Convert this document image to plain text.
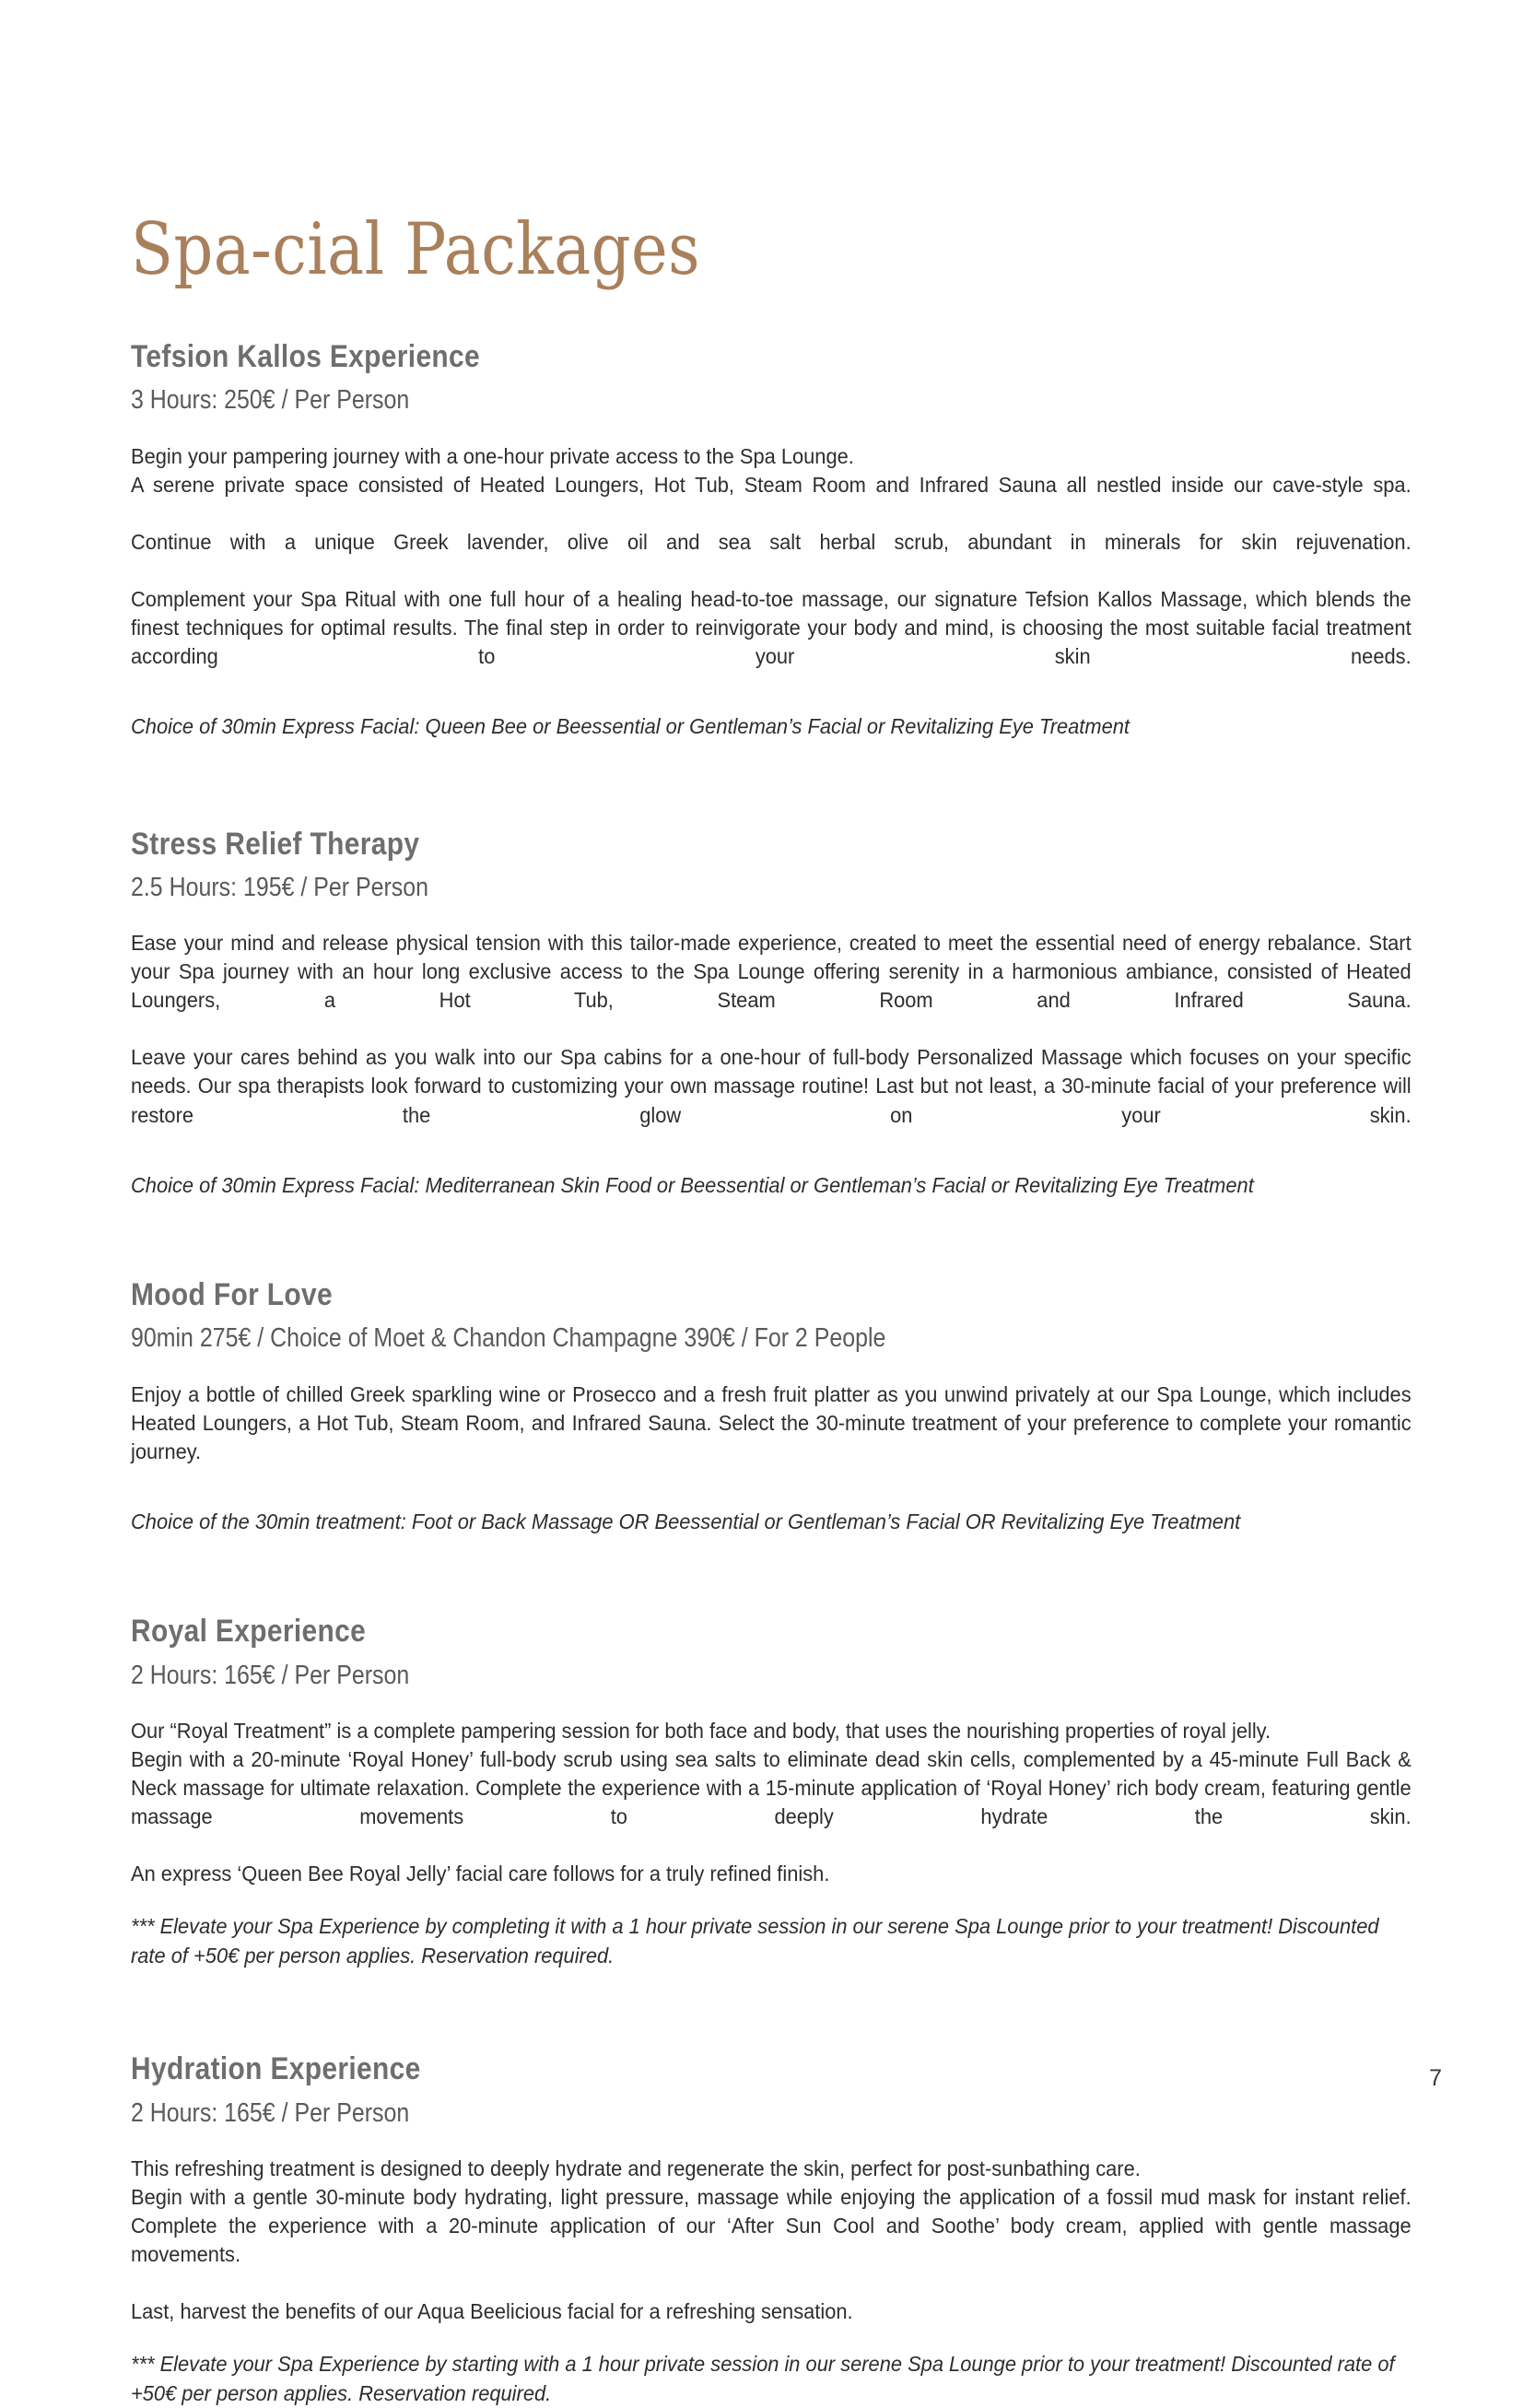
Spa-cial Packages
Tefsion Kallos Experience
3 Hours: 250€ / Per Person

Begin your pampering journey with a one-hour private access to the Spa Lounge.

A serene private space consisted of Heated Loungers, Hot Tub, Steam Room and Infrared Sauna all nestled inside our cave-style spa.

Continue with a unique Greek lavender, olive oil and sea salt herbal scrub, abundant in minerals for skin rejuvenation.

Complement your Spa Ritual with one full hour of a healing head-to-toe massage, our signature Tefsion Kallos Massage, which blends the finest techniques for optimal results. The final step in order to reinvigorate your body and mind, is choosing the most suitable facial treatment according to your skin needs.

Choice of 30min Express Facial: Queen Bee or Beessential or Gentleman’s Facial or Revitalizing Eye Treatment

Stress Relief Therapy
2.5 Hours: 195€ / Per Person

Ease your mind and release physical tension with this tailor-made experience, created to meet the essential need of energy rebalance. Start your Spa journey with an hour long exclusive access to the Spa Lounge offering serenity in a harmonious ambiance, consisted of Heated Loungers, a Hot Tub, Steam Room and Infrared Sauna.

Leave your cares behind as you walk into our Spa cabins for a one-hour of full-body Personalized Massage which focuses on your specific needs. Our spa therapists look forward to customizing your own massage routine! Last but not least, a 30-minute facial of your preference will restore the glow on your skin.

Choice of 30min Express Facial: Mediterranean Skin Food or Beessential or Gentleman’s Facial or Revitalizing Eye Treatment

Mood For Love
90min 275€ / Choice of Moet & Chandon Champagne 390€ / For 2 People

Enjoy a bottle of chilled Greek sparkling wine or Prosecco and a fresh fruit platter as you unwind privately at our Spa Lounge, which includes Heated Loungers, a Hot Tub, Steam Room, and Infrared Sauna. Select the 30-minute treatment of your preference to complete your romantic journey.

Choice of the 30min treatment: Foot or Back Massage OR Beessential or Gentleman’s Facial OR Revitalizing Eye Treatment

Royal Experience
2 Hours: 165€ / Per Person

Our “Royal Treatment” is a complete pampering session for both face and body, that uses the nourishing properties of royal jelly.

Begin with a 20-minute ‘Royal Honey’ full-body scrub using sea salts to eliminate dead skin cells, complemented by a 45-minute Full Back & Neck massage for ultimate relaxation. Complete the experience with a 15-minute application of ‘Royal Honey’ rich body cream, featuring gentle massage movements to deeply hydrate the skin.

An express ‘Queen Bee Royal Jelly’ facial care follows for a truly refined finish.

*** Elevate your Spa Experience by completing it with a 1 hour private session in our serene Spa Lounge prior to your treatment! Discounted rate of +50€ per person applies. Reservation required.

Hydration Experience
2 Hours: 165€ / Per Person

This refreshing treatment is designed to deeply hydrate and regenerate the skin, perfect for post-sunbathing care.

Begin with a gentle 30-minute body hydrating, light pressure, massage while enjoying the application of a fossil mud mask for instant relief. Complete the experience with a 20-minute application of our ‘After Sun Cool and Soothe’ body cream, applied with gentle massage movements.

Last, harvest the benefits of our Aqua Beelicious facial for a refreshing sensation.

*** Elevate your Spa Experience by starting with a 1 hour private session in our serene Spa Lounge prior to your treatment! Discounted rate of +50€ per person applies. Reservation required.

7
